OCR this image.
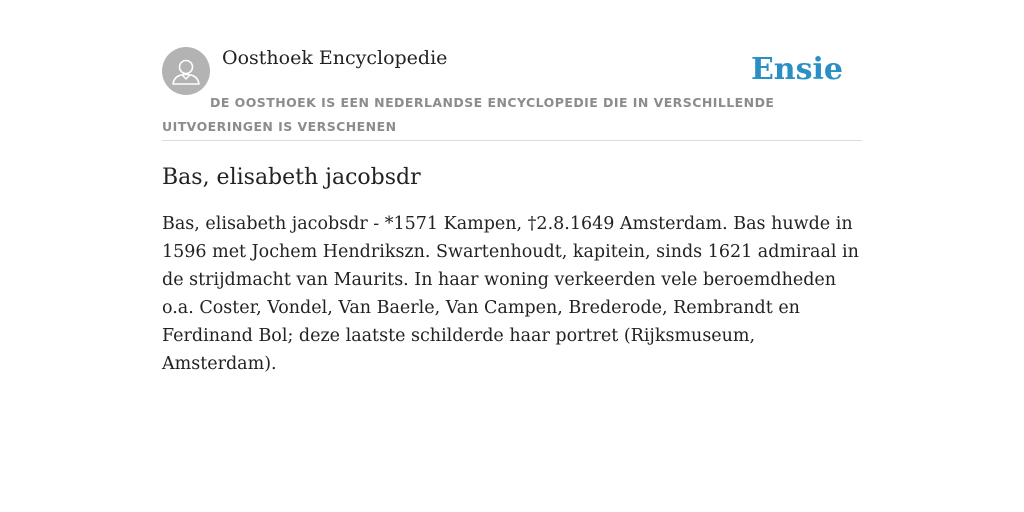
Oosthoek Encyclopedie	Ensie
DE OOSTHOEK IS EEN NEDERLANDSE ENCYCLOPEDIE DIE IN VERSCHILLENDE UITVOERINGEN IS VERSCHENEN
Bas, elisabeth jacobsdr

Bas, elisabeth jacobsdr - *1571 Kampen, †2.8.1649 Amsterdam. Bas huwde in 1596 met Jochem Hendrikszn. Swartenhoudt, kapitein, sinds 1621 admiraal in de strijdmacht van Maurits. In haar woning verkeerden vele beroemdheden o.a. Coster, Vondel, Van Baerle, Van Campen, Brederode, Rembrandt en Ferdinand Bol; deze laatste schilderde haar portret (Rijksmuseum, Amsterdam).
